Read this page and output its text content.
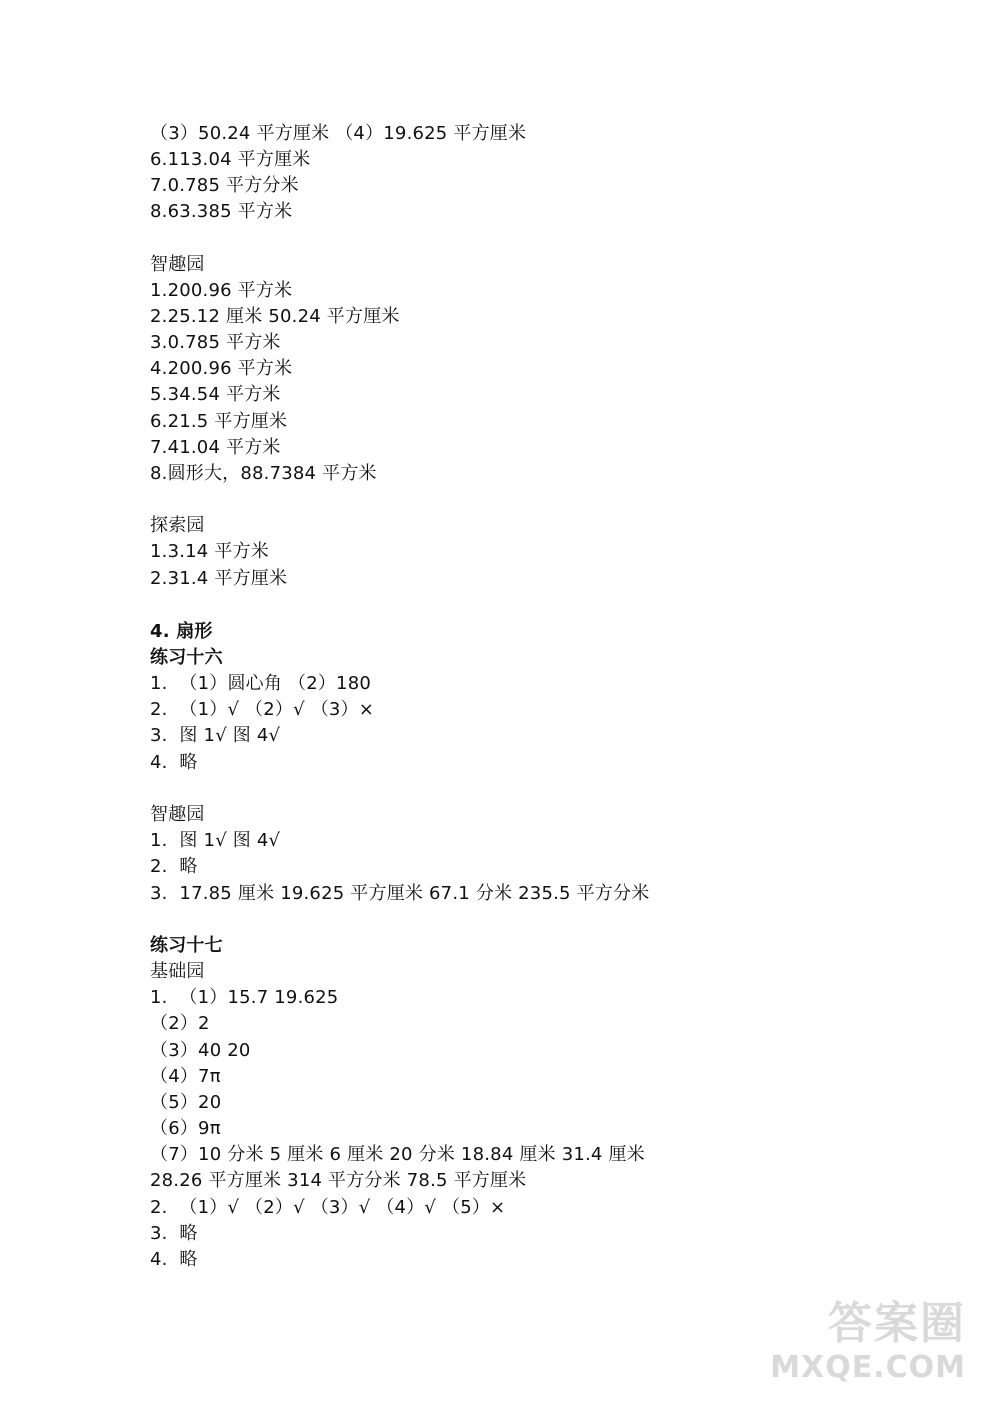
（3）50.24 平方厘米 （4）19.625 平方厘米
6.113.04 平方厘米
7.0.785 平方分米
8.63.385 平方米
智趣园
1.200.96 平方米
2.25.12 厘米 50.24 平方厘米
3.0.785 平方米
4.200.96 平方米
5.34.54 平方米
6.21.5 平方厘米
7.41.04 平方米
8.圆形大，88.7384 平方米
探索园
1.3.14 平方米
2.31.4 平方厘米
4. 扇形
练习十六
1.  （1）圆心角 （2）180
2.  （1）√ （2）√ （3）×
3.  图 1√ 图 4√
4.  略
智趣园
1.  图 1√ 图 4√
2.  略
3.  17.85 厘米 19.625 平方厘米 67.1 分米 235.5 平方分米
练习十七
基础园
1.  （1）15.7 19.625
（2）2
（3）40 20
（4）7π
（5）20
（6）9π
（7）10 分米 5 厘米 6 厘米 20 分米 18.84 厘米 31.4 厘米
28.26 平方厘米 314 平方分米 78.5 平方厘米
2.  （1）√ （2）√ （3）√ （4）√ （5）×
3.  略
4.  略
答案圈
MXQE.COM
